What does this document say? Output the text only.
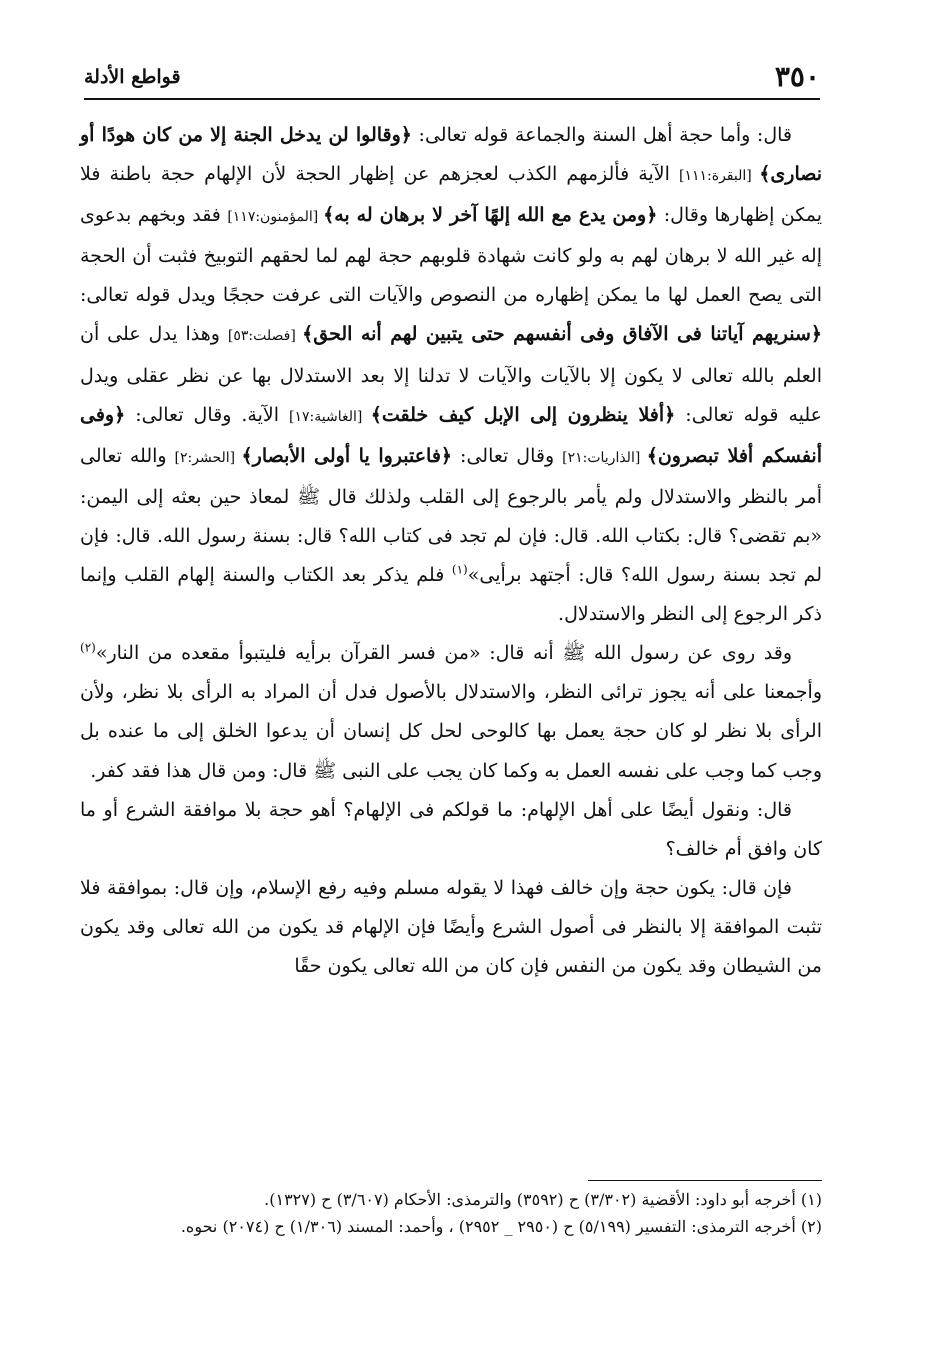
٣٥٠
قواطع الأدلة

قال: وأما حجة أهل السنة والجماعة قوله تعالى: ﴿وقالوا لن يدخل الجنة إلا من كان هودًا أو نصارى﴾ [البقرة:١١١] الآية فألزمهم الكذب لعجزهم عن إظهار الحجة لأن الإلهام حجة باطنة فلا يمكن إظهارها وقال: ﴿ومن يدع مع الله إلهًا آخر لا برهان له به﴾ [المؤمنون:١١٧] فقد وبخهم بدعوى إله غير الله لا برهان لهم به ولو كانت شهادة قلوبهم حجة لهم لما لحقهم التوبيخ فثبت أن الحجة التى يصح العمل لها ما يمكن إظهاره من النصوص والآيات التى عرفت حججًا ويدل قوله تعالى: ﴿سنريهم آياتنا فى الآفاق وفى أنفسهم حتى يتبين لهم أنه الحق﴾ [فصلت:٥٣] وهذا يدل على أن العلم بالله تعالى لا يكون إلا بالآيات والآيات لا تدلنا إلا بعد الاستدلال بها عن نظر عقلى ويدل عليه قوله تعالى: ﴿أفلا ينظرون إلى الإبل كيف خلقت﴾ [الغاشية:١٧] الآية. وقال تعالى: ﴿وفى أنفسكم أفلا تبصرون﴾ [الذاريات:٢١] وقال تعالى: ﴿فاعتبروا يا أولى الأبصار﴾ [الحشر:٢] والله تعالى أمر بالنظر والاستدلال ولم يأمر بالرجوع إلى القلب ولذلك قال ﷺ لمعاذ حين بعثه إلى اليمن: «بم تقضى؟ قال: بكتاب الله. قال: فإن لم تجد فى كتاب الله؟ قال: بسنة رسول الله. قال: فإن لم تجد بسنة رسول الله؟ قال: أجتهد برأيى»$^{(١)}$ فلم يذكر بعد الكتاب والسنة إلهام القلب وإنما ذكر الرجوع إلى النظر والاستدلال.

وقد روى عن رسول الله ﷺ أنه قال: «من فسر القرآن برأيه فليتبوأ مقعده من النار»$^{(٢)}$ وأجمعنا على أنه يجوز ترائى النظر، والاستدلال بالأصول فدل أن المراد به الرأى بلا نظر، ولأن الرأى بلا نظر لو كان حجة يعمل بها كالوحى لحل كل إنسان أن يدعوا الخلق إلى ما عنده بل وجب كما وجب على نفسه العمل به وكما كان يجب على النبى ﷺ قال: ومن قال هذا فقد كفر.

قال: ونقول أيضًا على أهل الإلهام: ما قولكم فى الإلهام؟ أهو حجة بلا موافقة الشرع أو ما كان وافق أم خالف؟

فإن قال: يكون حجة وإن خالف فهذا لا يقوله مسلم وفيه رفع الإسلام، وإن قال: بموافقة فلا تثبت الموافقة إلا بالنظر فى أصول الشرع وأيضًا فإن الإلهام قد يكون من الله تعالى وقد يكون من الشيطان وقد يكون من النفس فإن كان من الله تعالى يكون حقًا

(١) أخرجه أبو داود: الأقضية (٣/٣٠٢) ح (٣٥٩٢) والترمذى: الأحكام (٣/٦٠٧) ح (١٣٢٧).

(٢) أخرجه الترمذى: التفسير (٥/١٩٩) ح (٢٩٥٠ _ ٢٩٥٢) ، وأحمد: المسند (١/٣٠٦) ح (٢٠٧٤) نحوه.
